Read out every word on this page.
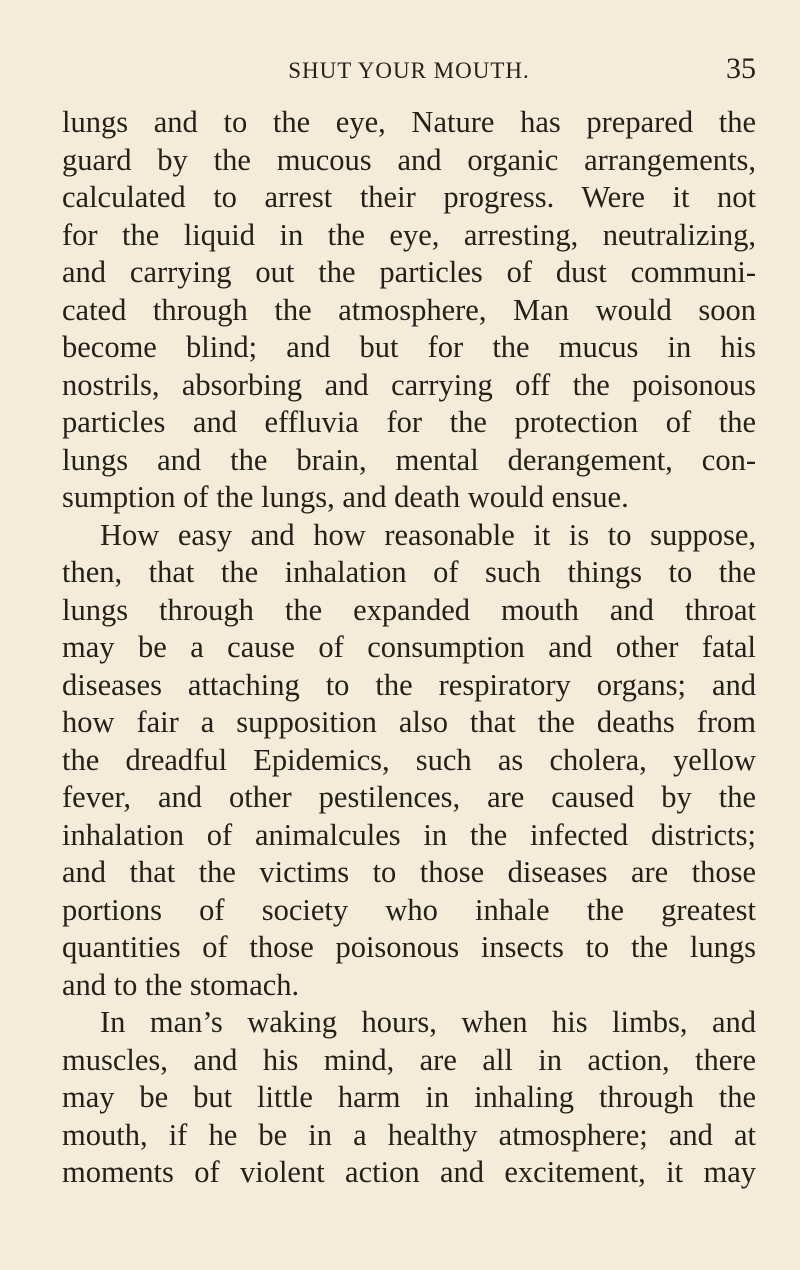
SHUT YOUR MOUTH.	35

lungs and to the eye, Nature has prepared the
guard by the mucous and organic arrangements,
calculated to arrest their progress. Were it not
for the liquid in the eye, arresting, neutralizing,
and carrying out the particles of dust communi-
cated through the atmosphere, Man would soon
become blind; and but for the mucus in his
nostrils, absorbing and carrying off the poisonous
particles and effluvia for the protection of the
lungs and the brain, mental derangement, con-
sumption of the lungs, and death would ensue.

How easy and how reasonable it is to suppose,
then, that the inhalation of such things to the
lungs through the expanded mouth and throat
may be a cause of consumption and other fatal
diseases attaching to the respiratory organs; and
how fair a supposition also that the deaths from
the dreadful Epidemics, such as cholera, yellow
fever, and other pestilences, are caused by the
inhalation of animalcules in the infected districts;
and that the victims to those diseases are those
portions of society who inhale the greatest
quantities of those poisonous insects to the lungs
and to the stomach.

In man’s waking hours, when his limbs, and
muscles, and his mind, are all in action, there
may be but little harm in inhaling through the
mouth, if he be in a healthy atmosphere; and at
moments of violent action and excitement, it may
